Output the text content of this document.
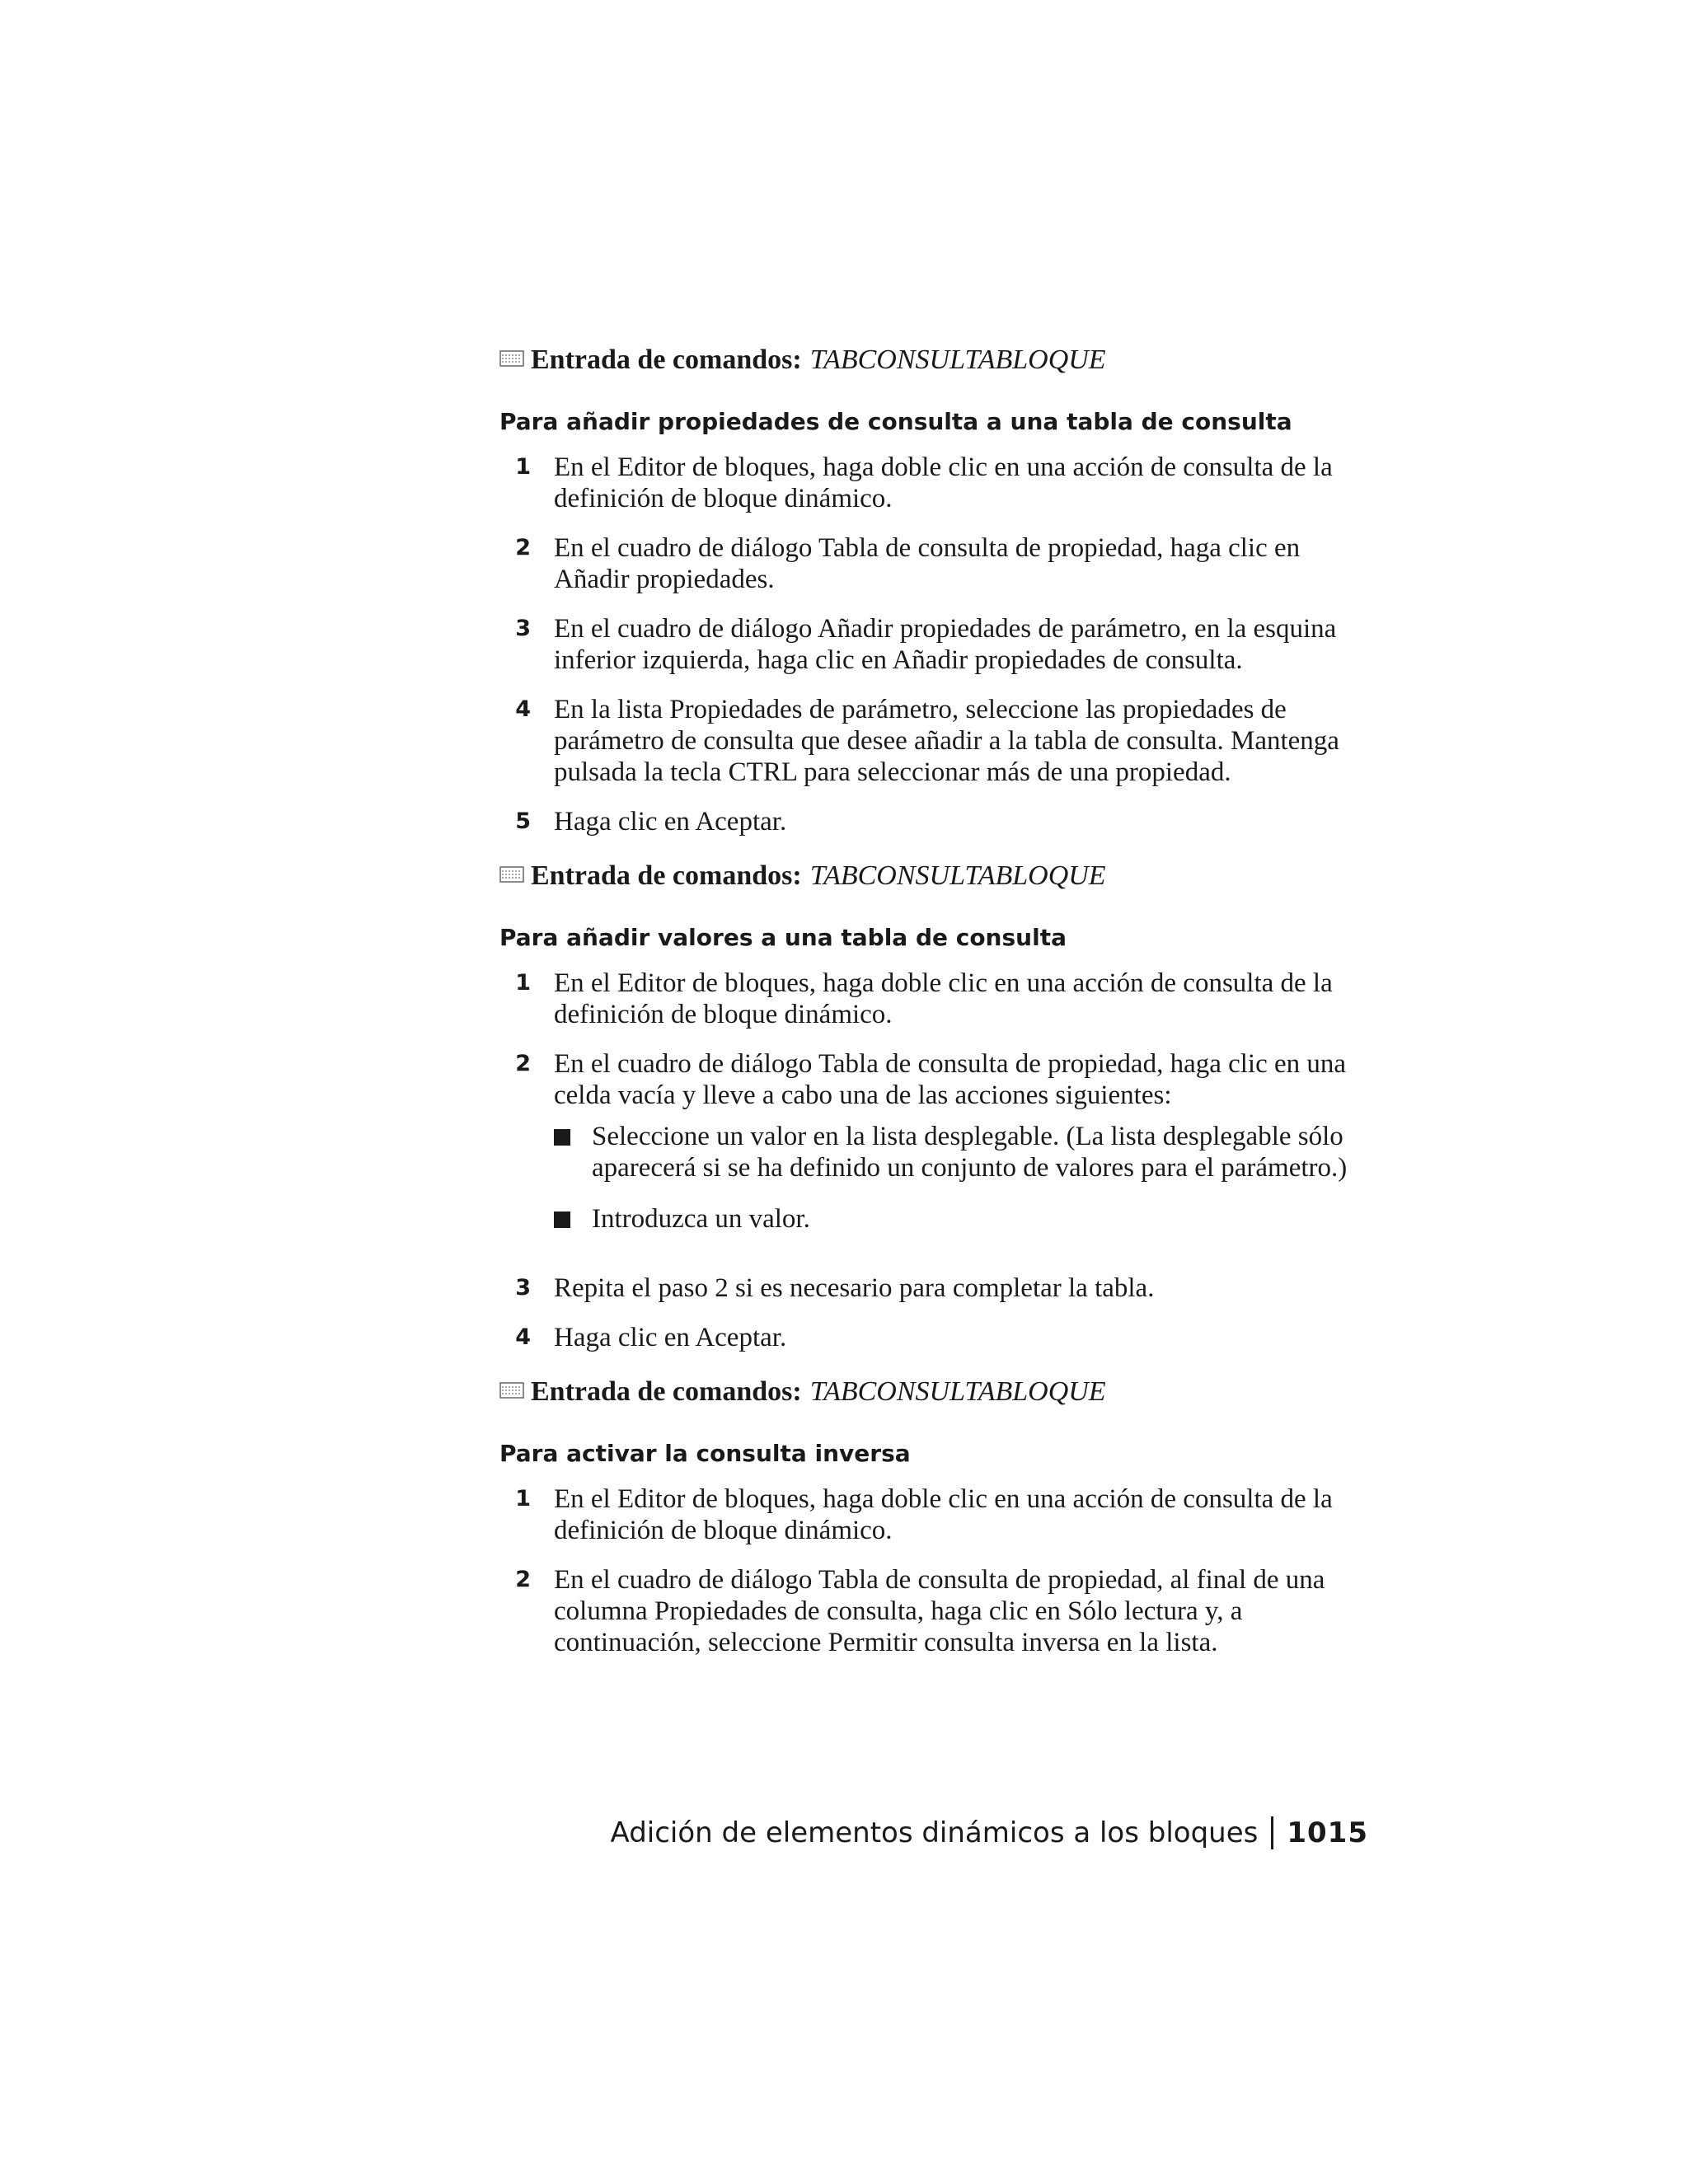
Entrada de comandos: TABCONSULTABLOQUE
Para añadir propiedades de consulta a una tabla de consulta
1 En el Editor de bloques, haga doble clic en una acción de consulta de la definición de bloque dinámico.
2 En el cuadro de diálogo Tabla de consulta de propiedad, haga clic en Añadir propiedades.
3 En el cuadro de diálogo Añadir propiedades de parámetro, en la esquina inferior izquierda, haga clic en Añadir propiedades de consulta.
4 En la lista Propiedades de parámetro, seleccione las propiedades de parámetro de consulta que desee añadir a la tabla de consulta. Mantenga pulsada la tecla CTRL para seleccionar más de una propiedad.
5 Haga clic en Aceptar.
Entrada de comandos: TABCONSULTABLOQUE
Para añadir valores a una tabla de consulta
1 En el Editor de bloques, haga doble clic en una acción de consulta de la definición de bloque dinámico.
2 En el cuadro de diálogo Tabla de consulta de propiedad, haga clic en una celda vacía y lleve a cabo una de las acciones siguientes:
Seleccione un valor en la lista desplegable. (La lista desplegable sólo aparecerá si se ha definido un conjunto de valores para el parámetro.)
Introduzca un valor.
3 Repita el paso 2 si es necesario para completar la tabla.
4 Haga clic en Aceptar.
Entrada de comandos: TABCONSULTABLOQUE
Para activar la consulta inversa
1 En el Editor de bloques, haga doble clic en una acción de consulta de la definición de bloque dinámico.
2 En el cuadro de diálogo Tabla de consulta de propiedad, al final de una columna Propiedades de consulta, haga clic en Sólo lectura y, a continuación, seleccione Permitir consulta inversa en la lista.
Adición de elementos dinámicos a los bloques 1015
